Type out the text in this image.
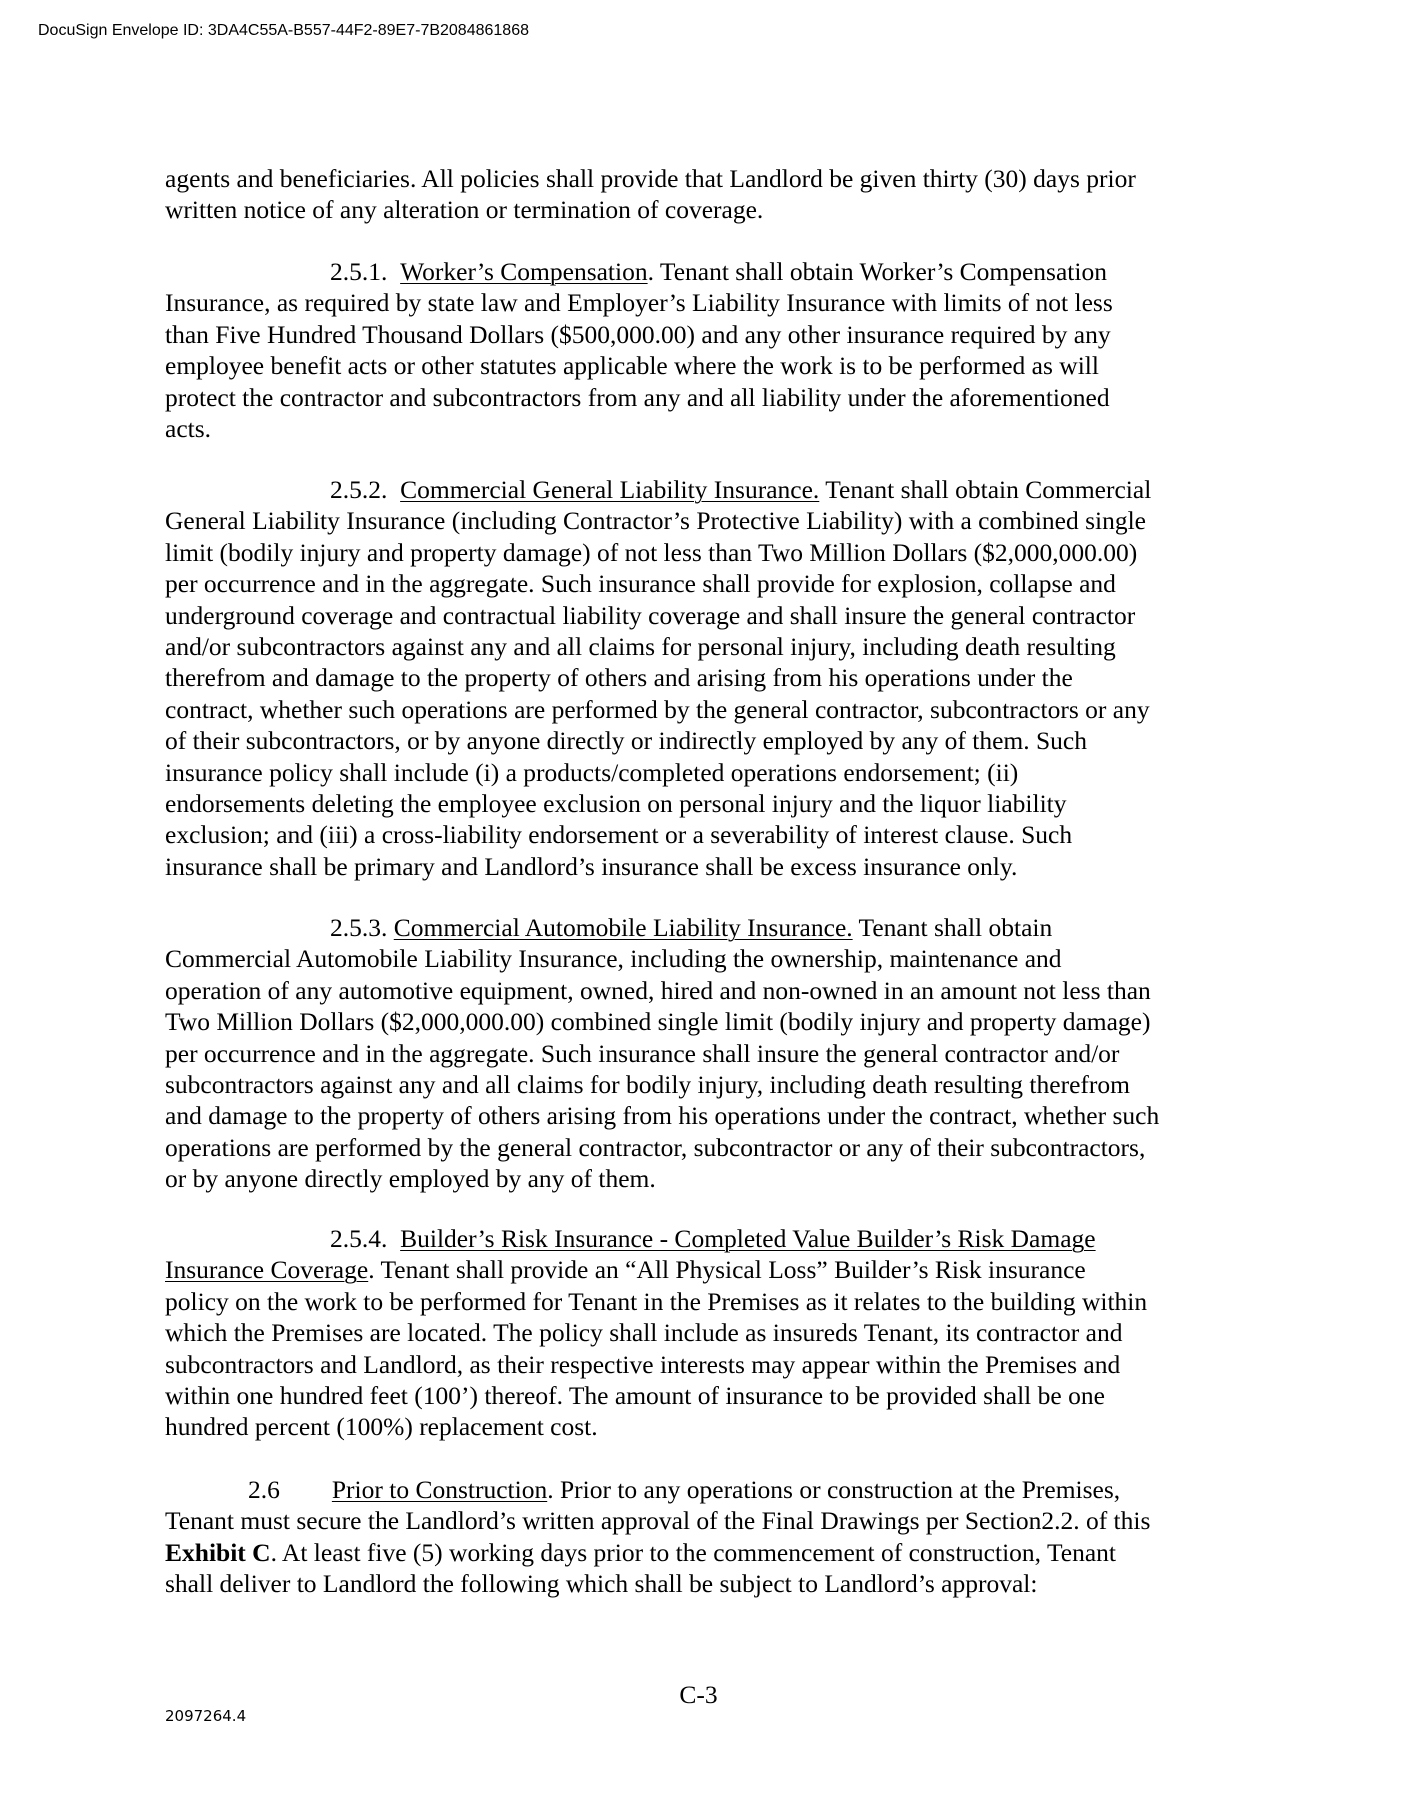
DocuSign Envelope ID: 3DA4C55A-B557-44F2-89E7-7B2084861868
agents and beneficiaries. All policies shall provide that Landlord be given thirty (30) days prior
written notice of any alteration or termination of coverage.
2.5.1. Worker’s Compensation. Tenant shall obtain Worker’s Compensation
Insurance, as required by state law and Employer’s Liability Insurance with limits of not less
than Five Hundred Thousand Dollars ($500,000.00) and any other insurance required by any
employee benefit acts or other statutes applicable where the work is to be performed as will
protect the contractor and subcontractors from any and all liability under the aforementioned
acts.
2.5.2. Commercial General Liability Insurance. Tenant shall obtain Commercial
General Liability Insurance (including Contractor’s Protective Liability) with a combined single
limit (bodily injury and property damage) of not less than Two Million Dollars ($2,000,000.00)
per occurrence and in the aggregate. Such insurance shall provide for explosion, collapse and
underground coverage and contractual liability coverage and shall insure the general contractor
and/or subcontractors against any and all claims for personal injury, including death resulting
therefrom and damage to the property of others and arising from his operations under the
contract, whether such operations are performed by the general contractor, subcontractors or any
of their subcontractors, or by anyone directly or indirectly employed by any of them. Such
insurance policy shall include (i) a products/completed operations endorsement; (ii)
endorsements deleting the employee exclusion on personal injury and the liquor liability
exclusion; and (iii) a cross-liability endorsement or a severability of interest clause. Such
insurance shall be primary and Landlord’s insurance shall be excess insurance only.
2.5.3. Commercial Automobile Liability Insurance. Tenant shall obtain
Commercial Automobile Liability Insurance, including the ownership, maintenance and
operation of any automotive equipment, owned, hired and non-owned in an amount not less than
Two Million Dollars ($2,000,000.00) combined single limit (bodily injury and property damage)
per occurrence and in the aggregate. Such insurance shall insure the general contractor and/or
subcontractors against any and all claims for bodily injury, including death resulting therefrom
and damage to the property of others arising from his operations under the contract, whether such
operations are performed by the general contractor, subcontractor or any of their subcontractors,
or by anyone directly employed by any of them.
2.5.4. Builder’s Risk Insurance - Completed Value Builder’s Risk Damage
Insurance Coverage. Tenant shall provide an “All Physical Loss” Builder’s Risk insurance
policy on the work to be performed for Tenant in the Premises as it relates to the building within
which the Premises are located. The policy shall include as insureds Tenant, its contractor and
subcontractors and Landlord, as their respective interests may appear within the Premises and
within one hundred feet (100’) thereof. The amount of insurance to be provided shall be one
hundred percent (100%) replacement cost.
2.6 Prior to Construction. Prior to any operations or construction at the Premises,
Tenant must secure the Landlord’s written approval of the Final Drawings per Section2.2. of this
Exhibit C. At least five (5) working days prior to the commencement of construction, Tenant
shall deliver to Landlord the following which shall be subject to Landlord’s approval:
C-3
2097264.4
